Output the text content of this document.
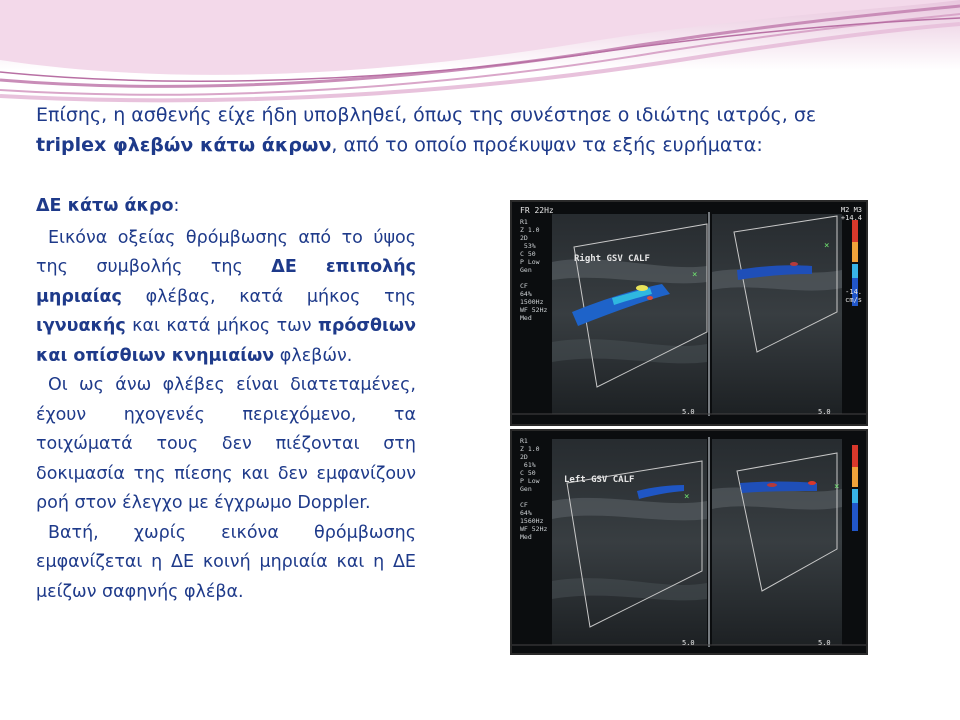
Επίσης, η ασθενής είχε ήδη υποβληθεί, όπως της συνέστησε ο ιδιώτης ιατρός, σε
triplex φλεβών κάτω άκρων, από το οποίο προέκυψαν τα εξής ευρήματα:

ΔΕ κάτω άκρο:

Εικόνα οξείας θρόμβωσης από το ύψος της συμβολής της ΔΕ επιπολής μηριαίας φλέβας, κατά μήκος της ιγνυακής και κατά μήκος των πρόσθιων και οπίσθιων κνημιαίων φλεβών.

Οι ως άνω φλέβες είναι διατεταμένες, έχουν ηχογενές περιεχόμενο, τα τοιχώματά τους δεν πιέζονται στη δοκιμασία της πίεσης και δεν εμφανίζουν ροή στον έλεγχο με έγχρωμο Doppler.

Βατή, χωρίς εικόνα θρόμβωσης εμφανίζεται η ΔΕ κοινή μηριαία και η ΔΕ μείζων σαφηνής φλέβα.

×
×
FR 22Hz
R1
Z 1.0
2D
53%
C 50
P Low
Gen

CF
64%
1500Hz
WF 52Hz
Med
Right GSV CALF
M2 M3
+14.4
-14.
cm/s
5.0	5.0
×
×
R1
Z 1.0
2D
61%
C 50
P Low
Gen

CF
64%
1560Hz
WF 52Hz
Med
Left GSV CALF
5.0	5.0
